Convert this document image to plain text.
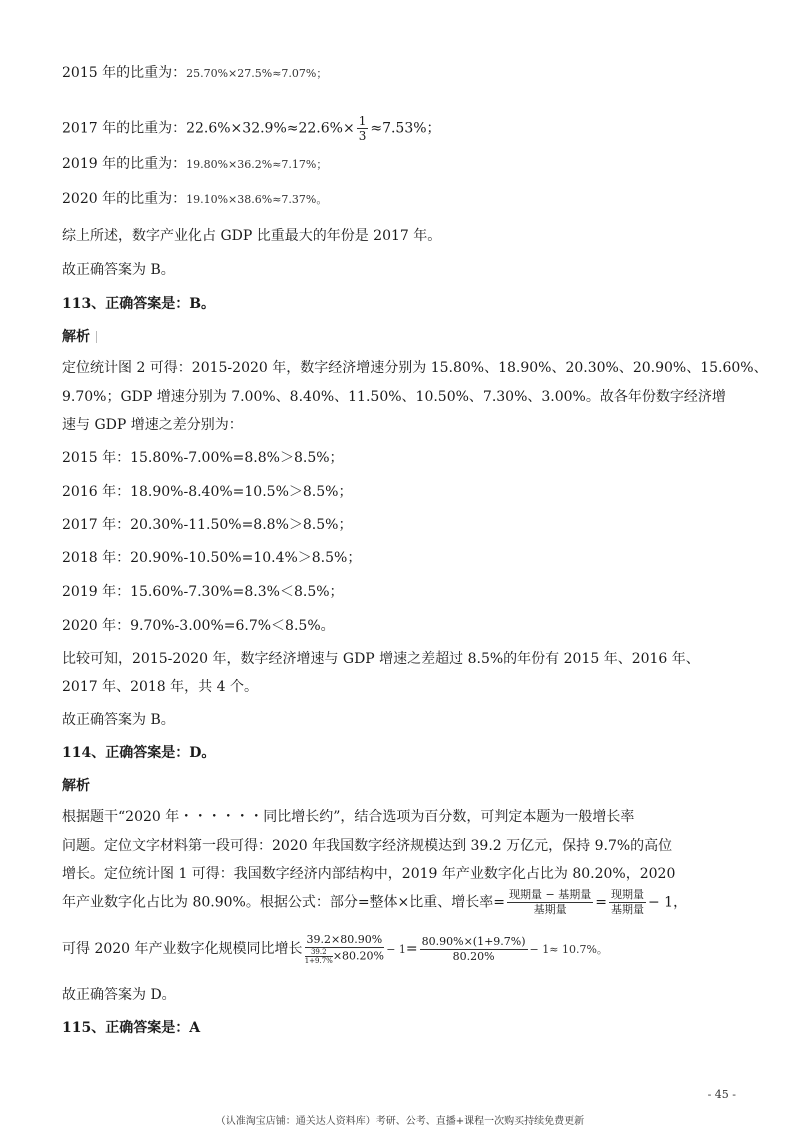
2015 年的比重为：25.70%×27.5%≈7.07%；
2017 年的比重为：$22.6\%\times 32.9\%\approx 22.6\%\times \frac{1}{3} \approx 7.53\%$；
2019 年的比重为：19.80%×36.2%≈7.17%；
2020 年的比重为：19.10%×38.6%≈7.37%。
综上所述，数字产业化占 GDP 比重最大的年份是 2017 年。
故正确答案为 B。
113、正确答案是：B。
解析
定位统计图 2 可得：2015-2020 年，数字经济增速分别为 15.80%、18.90%、20.30%、20.90%、15.60%、
9.70%；GDP 增速分别为 7.00%、8.40%、11.50%、10.50%、7.30%、3.00%。故各年份数字经济增
速与 GDP 增速之差分别为：
2015 年：15.80%-7.00%=8.8%＞8.5%；
2016 年：18.90%-8.40%=10.5%＞8.5%；
2017 年：20.30%-11.50%=8.8%＞8.5%；
2018 年：20.90%-10.50%=10.4%＞8.5%；
2019 年：15.60%-7.30%=8.3%＜8.5%；
2020 年：9.70%-3.00%=6.7%＜8.5%。
比较可知，2015-2020 年，数字经济增速与 GDP 增速之差超过 8.5%的年份有 2015 年、2016 年、
2017 年、2018 年，共 4 个。
故正确答案为 B。
114、正确答案是：D。
解析
根据题干“2020 年・・・・・・同比增长约”，结合选项为百分数，可判定本题为一般增长率
问题。定位文字材料第一段可得：2020 年我国数字经济规模达到 39.2 万亿元，保持 9.7%的高位
增长。定位统计图 1 可得：我国数字经济内部结构中，2019 年产业数字化占比为 80.20%，2020
年产业数字化占比为 80.90%。根据公式：部分=整体×比重、增长率= $\frac{\text{现期量 − 基期量}}{\text{基期量}} = \frac{\text{现期量}}{\text{基期量}} - 1$，
可得 2020 年产业数字化规模同比增长 $\frac{39.2\times 80.90\%}{\frac{39.2}{1+9.7\%} \times 80.20\%} - 1= \frac{80.90\%\times(1+9.7\%)}{80.20\%} - 1\approx 10.7\%$。
故正确答案为 D。
115、正确答案是：A
- 45 -
（认准淘宝店铺：通关达人资料库）考研、公考、直播+课程一次购买持续免费更新
